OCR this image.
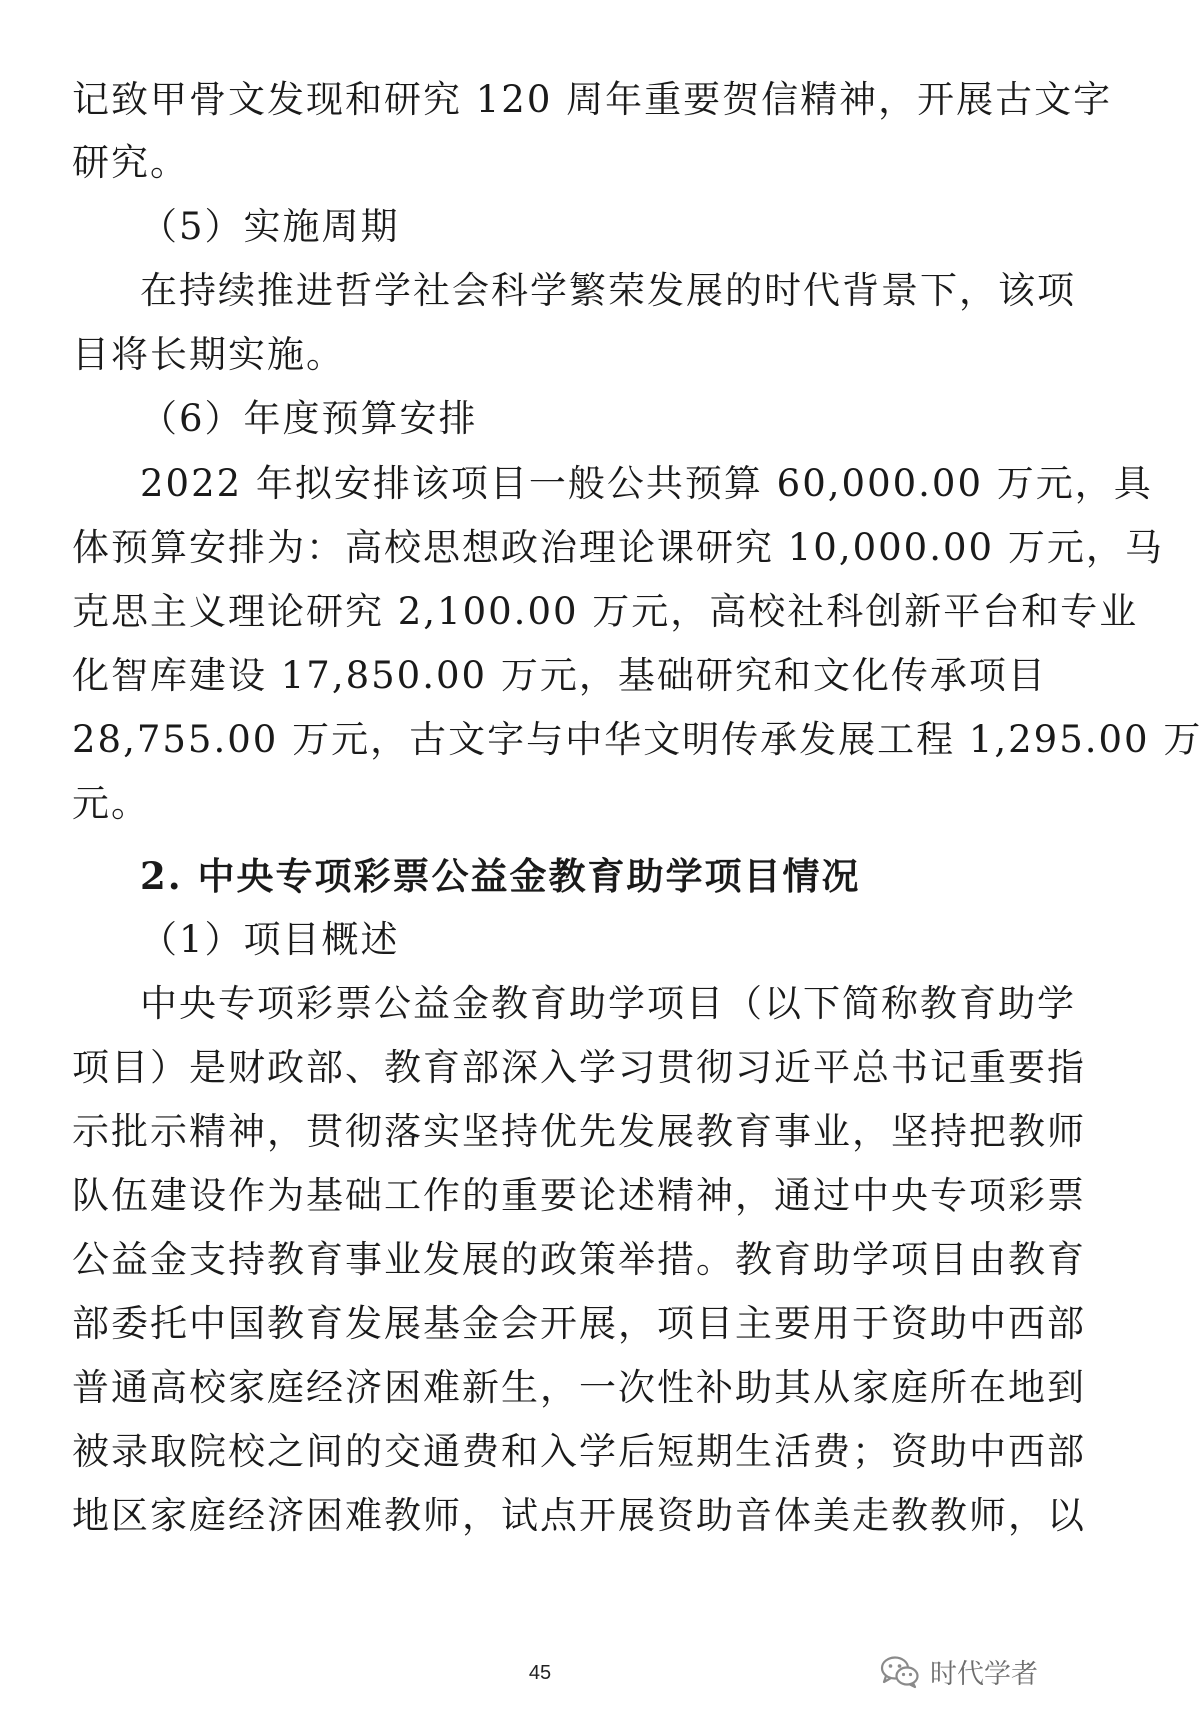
记致甲骨文发现和研究 120 周年重要贺信精神，开展古文字
研究。
（5）实施周期
在持续推进哲学社会科学繁荣发展的时代背景下，该项
目将长期实施。
（6）年度预算安排
2022 年拟安排该项目一般公共预算 60,000.00 万元，具
体预算安排为：高校思想政治理论课研究 10,000.00 万元，马
克思主义理论研究 2,100.00 万元，高校社科创新平台和专业
化智库建设 17,850.00 万元，基础研究和文化传承项目
28,755.00 万元，古文字与中华文明传承发展工程 1,295.00 万
元。
2. 中央专项彩票公益金教育助学项目情况
（1）项目概述
中央专项彩票公益金教育助学项目（以下简称教育助学
项目）是财政部、教育部深入学习贯彻习近平总书记重要指
示批示精神，贯彻落实坚持优先发展教育事业，坚持把教师
队伍建设作为基础工作的重要论述精神，通过中央专项彩票
公益金支持教育事业发展的政策举措。教育助学项目由教育
部委托中国教育发展基金会开展，项目主要用于资助中西部
普通高校家庭经济困难新生，一次性补助其从家庭所在地到
被录取院校之间的交通费和入学后短期生活费；资助中西部
地区家庭经济困难教师，试点开展资助音体美走教教师，以
45	时代学者
